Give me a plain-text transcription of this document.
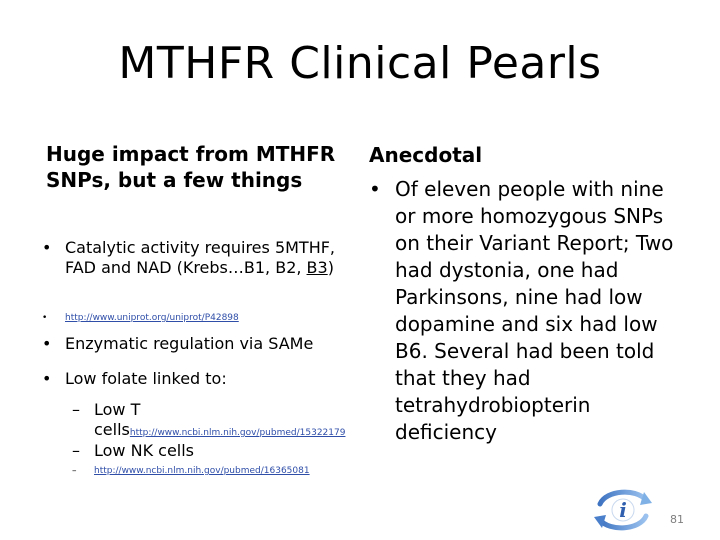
MTHFR Clinical Pearls
Huge impact from MTHFR SNPs, but a few things
• Catalytic activity requires 5MTHF, FAD and NAD (Krebs…B1, B2, B3)
• http://www.uniprot.org/uniprot/P42898
• Enzymatic regulation via SAMe
• Low folate linked to:
– Low T cellshttp://www.ncbi.nlm.nih.gov/pubmed/15322179
– Low NK cells
– http://www.ncbi.nlm.nih.gov/pubmed/16365081
Anecdotal
• Of eleven people with nine or more homozygous SNPs on their Variant Report; Two had dystonia, one had Parkinsons, nine had low dopamine and six had low B6. Several had been told that they had tetrahydrobiopterin deficiency
i	81
